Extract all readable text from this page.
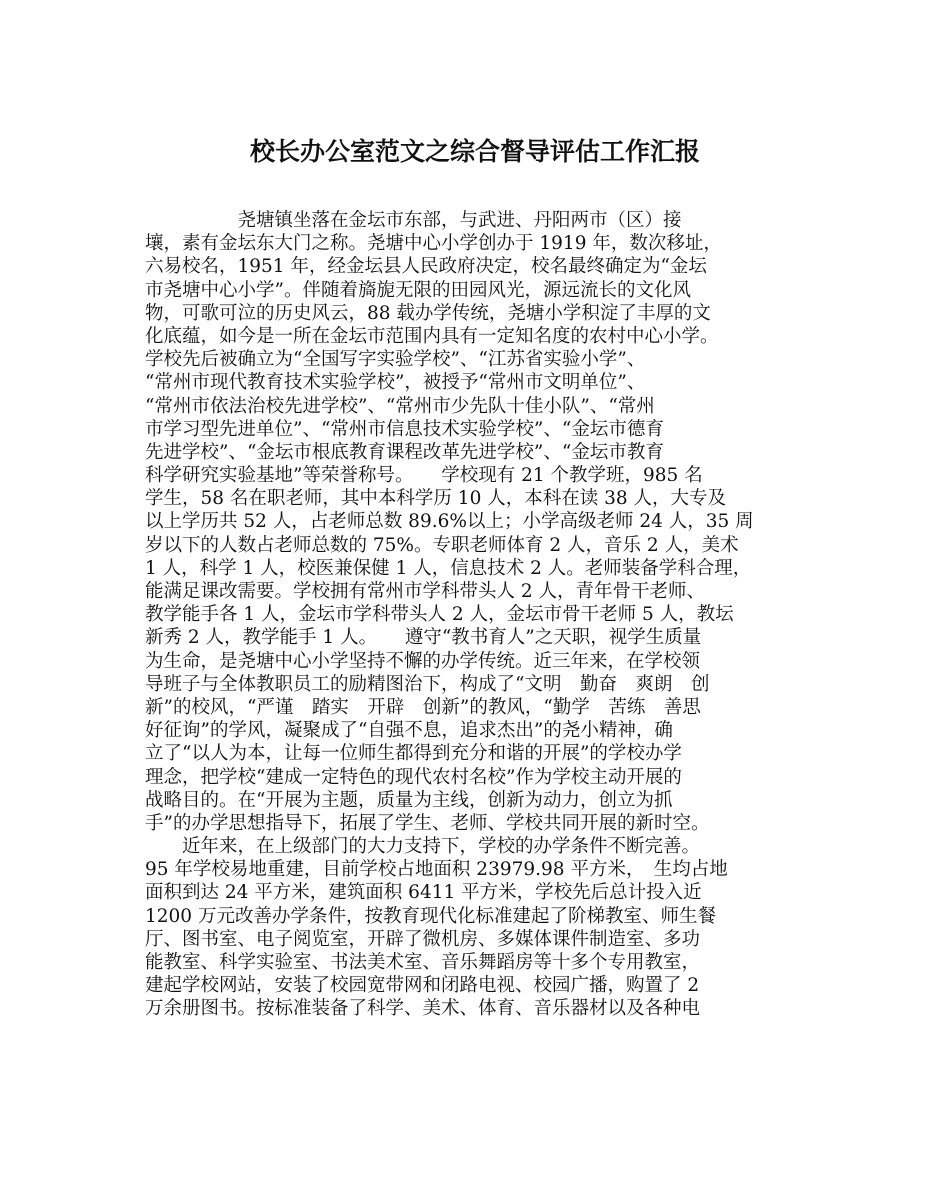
校长办公室范文之综合督导评估工作汇报
　　　　　尧塘镇坐落在金坛市东部，与武进、丹阳两市（区）接
壤，素有金坛东大门之称。尧塘中心小学创办于 1919 年，数次移址，
六易校名，1951 年，经金坛县人民政府决定，校名最终确定为“金坛
市尧塘中心小学”。伴随着旖旎无限的田园风光，源远流长的文化风
物，可歌可泣的历史风云，88 载办学传统，尧塘小学积淀了丰厚的文
化底蕴，如今是一所在金坛市范围内具有一定知名度的农村中心小学。
学校先后被确立为“全国写字实验学校”、“江苏省实验小学”、
“常州市现代教育技术实验学校”，被授予“常州市文明单位”、
“常州市依法治校先进学校”、“常州市少先队十佳小队”、“常州
市学习型先进单位”、“常州市信息技术实验学校”、“金坛市德育
先进学校”、“金坛市根底教育课程改革先进学校”、“金坛市教育
科学研究实验基地”等荣誉称号。　　学校现有 21 个教学班，985 名
学生，58 名在职老师，其中本科学历 10 人，本科在读 38 人，大专及
以上学历共 52 人，占老师总数 89.6%以上；小学高级老师 24 人，35 周
岁以下的人数占老师总数的 75%。专职老师体育 2 人，音乐 2 人，美术
1 人，科学 1 人，校医兼保健 1 人，信息技术 2 人。老师装备学科合理，
能满足课改需要。学校拥有常州市学科带头人 2 人，青年骨干老师、
教学能手各 1 人，金坛市学科带头人 2 人，金坛市骨干老师 5 人，教坛
新秀 2 人，教学能手 1 人。　　遵守“教书育人”之天职，视学生质量
为生命，是尧塘中心小学坚持不懈的办学传统。近三年来，在学校领
导班子与全体教职员工的励精图治下，构成了“文明　勤奋　爽朗　创
新”的校风，“严谨　踏实　开辟　创新”的教风，“勤学　苦练　善思
好征询”的学风，凝聚成了“自强不息，追求杰出”的尧小精神，确
立了“以人为本，让每一位师生都得到充分和谐的开展”的学校办学
理念，把学校“建成一定特色的现代农村名校”作为学校主动开展的
战略目的。在“开展为主题，质量为主线，创新为动力，创立为抓
手”的办学思想指导下，拓展了学生、老师、学校共同开展的新时空。
　　近年来，在上级部门的大力支持下，学校的办学条件不断完善。
95 年学校易地重建，目前学校占地面积 23979.98 平方米，　生均占地
面积到达 24 平方米，建筑面积 6411 平方米，学校先后总计投入近
1200 万元改善办学条件，按教育现代化标准建起了阶梯教室、师生餐
厅、图书室、电子阅览室，开辟了微机房、多媒体课件制造室、多功
能教室、科学实验室、书法美术室、音乐舞蹈房等十多个专用教室，
建起学校网站，安装了校园宽带网和闭路电视、校园广播，购置了 2
万余册图书。按标准装备了科学、美术、体育、音乐器材以及各种电
